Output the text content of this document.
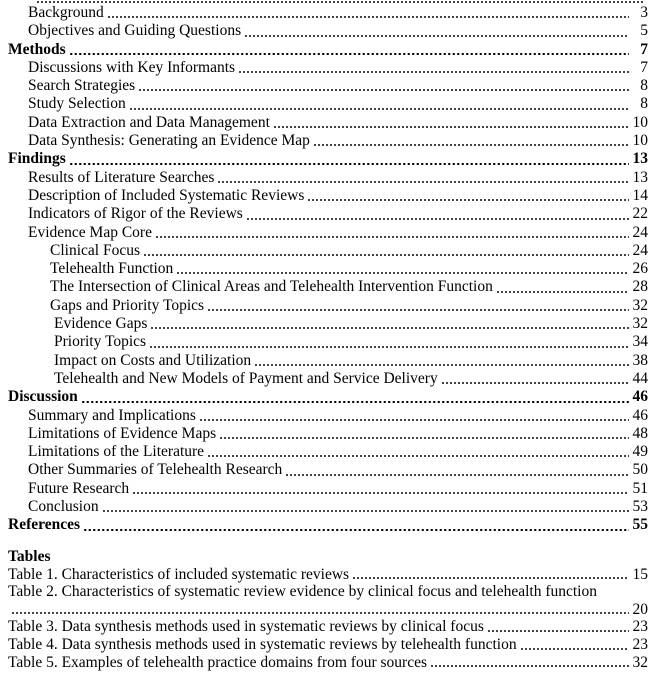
Background	3
Objectives and Guiding Questions	5
Methods	7
Discussions with Key Informants	7
Search Strategies	8
Study Selection	8
Data Extraction and Data Management	10
Data Synthesis: Generating an Evidence Map	10
Findings	13
Results of Literature Searches	13
Description of Included Systematic Reviews	14
Indicators of Rigor of the Reviews	22
Evidence Map Core	24
Clinical Focus	24
Telehealth Function	26
The Intersection of Clinical Areas and Telehealth Intervention Function	28
Gaps and Priority Topics	32
Evidence Gaps	32
Priority Topics	34
Impact on Costs and Utilization	38
Telehealth and New Models of Payment and Service Delivery	44
Discussion	46
Summary and Implications	46
Limitations of Evidence Maps	48
Limitations of the Literature	49
Other Summaries of Telehealth Research	50
Future Research	51
Conclusion	53
References	55
Tables
Table 1. Characteristics of included systematic reviews	15
Table 2. Characteristics of systematic review evidence by clinical focus and telehealth function
20
Table 3. Data synthesis methods used in systematic reviews by clinical focus	23
Table 4. Data synthesis methods used in systematic reviews by telehealth function	23
Table 5. Examples of telehealth practice domains from four sources	32
